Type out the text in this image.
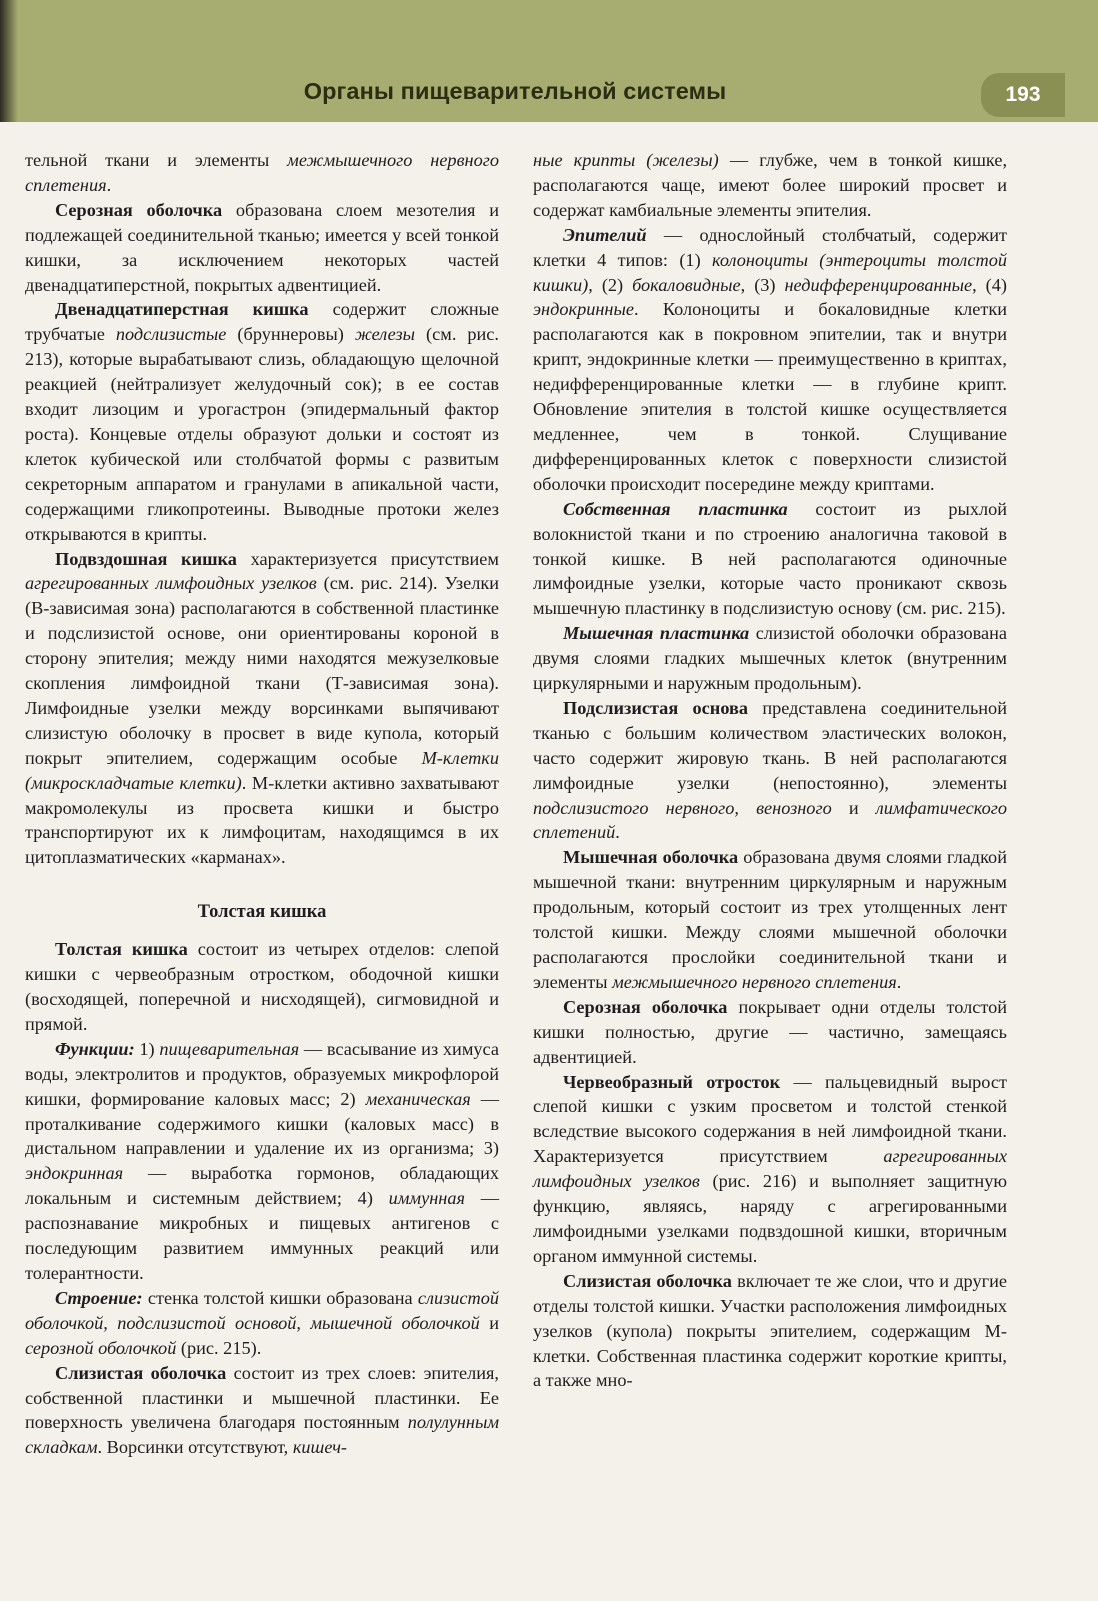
Органы пищеварительной системы	193

тельной ткани и элементы межмышечного нервного сплетения.

Серозная оболочка образована слоем мезотелия и подлежащей соединительной тканью; имеется у всей тонкой кишки, за исключением некоторых частей двенадцатиперстной, покрытых адвентицией.

Двенадцатиперстная кишка содержит сложные трубчатые подслизистые (бруннеровы) железы (см. рис. 213), которые вырабатывают слизь, обладающую щелочной реакцией (нейтрализует желудочный сок); в ее состав входит лизоцим и урогастрон (эпидермальный фактор роста). Концевые отделы образуют дольки и состоят из клеток кубической или столбчатой формы с развитым секреторным аппаратом и гранулами в апикальной части, содержащими гликопротеины. Выводные протоки желез открываются в крипты.

Подвздошная кишка характеризуется присутствием агрегированных лимфоидных узелков (см. рис. 214). Узелки (В-зависимая зона) располагаются в собственной пластинке и подслизистой основе, они ориентированы короной в сторону эпителия; между ними находятся межузелковые скопления лимфоидной ткани (Т-зависимая зона). Лимфоидные узелки между ворсинками выпячивают слизистую оболочку в просвет в виде купола, который покрыт эпителием, содержащим особые М-клетки (микроскладчатые клетки). М-клетки активно захватывают макромолекулы из просвета кишки и быстро транспортируют их к лимфоцитам, находящимся в их цитоплазматических «карманах».

Толстая кишка

Толстая кишка состоит из четырех отделов: слепой кишки с червеобразным отростком, ободочной кишки (восходящей, поперечной и нисходящей), сигмовидной и прямой.

Функции: 1) пищеварительная — всасывание из химуса воды, электролитов и продуктов, образуемых микрофлорой кишки, формирование каловых масс; 2) механическая — проталкивание содержимого кишки (каловых масс) в дистальном направлении и удаление их из организма; 3) эндокринная — выработка гормонов, обладающих локальным и системным действием; 4) иммунная — распознавание микробных и пищевых антигенов с последующим развитием иммунных реакций или толерантности.

Строение: стенка толстой кишки образована слизистой оболочкой, подслизистой основой, мышечной оболочкой и серозной оболочкой (рис. 215).

Слизистая оболочка состоит из трех слоев: эпителия, собственной пластинки и мышечной пластинки. Ее поверхность увеличена благодаря постоянным полулунным складкам. Ворсинки отсутствуют, кишеч-

ные крипты (железы) — глубже, чем в тонкой кишке, располагаются чаще, имеют более широкий просвет и содержат камбиальные элементы эпителия.

Эпителий — однослойный столбчатый, содержит клетки 4 типов: (1) колоноциты (энтероциты толстой кишки), (2) бокаловидные, (3) недифференцированные, (4) эндокринные. Колоноциты и бокаловидные клетки располагаются как в покровном эпителии, так и внутри крипт, эндокринные клетки — преимущественно в криптах, недифференцированные клетки — в глубине крипт. Обновление эпителия в толстой кишке осуществляется медленнее, чем в тонкой. Слущивание дифференцированных клеток с поверхности слизистой оболочки происходит посередине между криптами.

Собственная пластинка состоит из рыхлой волокнистой ткани и по строению аналогична таковой в тонкой кишке. В ней располагаются одиночные лимфоидные узелки, которые часто проникают сквозь мышечную пластинку в подслизистую основу (см. рис. 215).

Мышечная пластинка слизистой оболочки образована двумя слоями гладких мышечных клеток (внутренним циркулярными и наружным продольным).

Подслизистая основа представлена соединительной тканью с большим количеством эластических волокон, часто содержит жировую ткань. В ней располагаются лимфоидные узелки (непостоянно), элементы подслизистого нервного, венозного и лимфатического сплетений.

Мышечная оболочка образована двумя слоями гладкой мышечной ткани: внутренним циркулярным и наружным продольным, который состоит из трех утолщенных лент толстой кишки. Между слоями мышечной оболочки располагаются прослойки соединительной ткани и элементы межмышечного нервного сплетения.

Серозная оболочка покрывает одни отделы толстой кишки полностью, другие — частично, замещаясь адвентицией.

Червеобразный отросток — пальцевидный вырост слепой кишки с узким просветом и толстой стенкой вследствие высокого содержания в ней лимфоидной ткани. Характеризуется присутствием агрегированных лимфоидных узелков (рис. 216) и выполняет защитную функцию, являясь, наряду с агрегированными лимфоидными узелками подвздошной кишки, вторичным органом иммунной системы.

Слизистая оболочка включает те же слои, что и другие отделы толстой кишки. Участки расположения лимфоидных узелков (купола) покрыты эпителием, содержащим М-клетки. Собственная пластинка содержит короткие крипты, а также мно-
